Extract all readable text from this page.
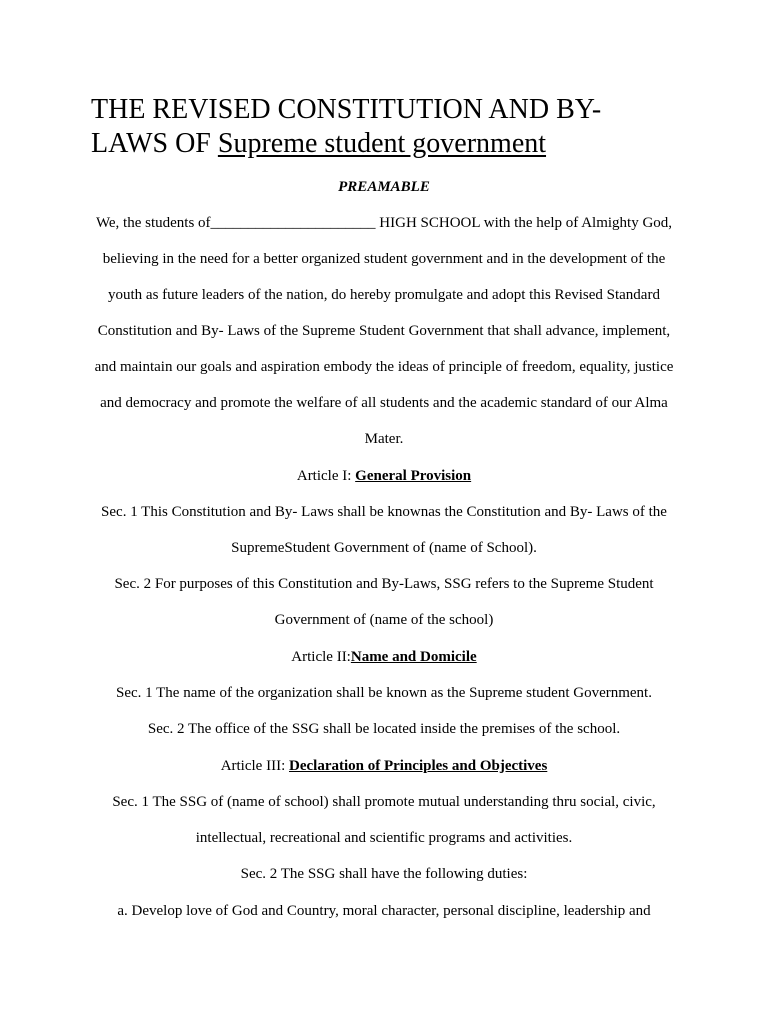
THE REVISED CONSTITUTION AND BY-
LAWS OF Supreme student government
PREAMABLE
We, the students of______________________ HIGH SCHOOL with the help of Almighty God,
believing in the need for a better organized student government and in the development of the
youth as future leaders of the nation, do hereby promulgate and adopt this Revised Standard
Constitution and By- Laws of the Supreme Student Government that shall advance, implement,
and maintain our goals and aspiration embody the ideas of principle of freedom, equality, justice
and democracy and promote the welfare of all students and the academic standard of our Alma
Mater.
Article I: General Provision
Sec. 1 This Constitution and By- Laws shall be knownas the Constitution and By- Laws of the
SupremeStudent Government of (name of School).
Sec. 2 For purposes of this Constitution and By-Laws, SSG refers to the Supreme Student
Government of (name of the school)
Article II:Name and Domicile
Sec. 1 The name of the organization shall be known as the Supreme student Government.
Sec. 2 The office of the SSG shall be located inside the premises of the school.
Article III: Declaration of Principles and Objectives
Sec. 1 The SSG of (name of school) shall promote mutual understanding thru social, civic,
intellectual, recreational and scientific programs and activities.
Sec. 2 The SSG shall have the following duties:
a. Develop love of God and Country, moral character, personal discipline, leadership and
